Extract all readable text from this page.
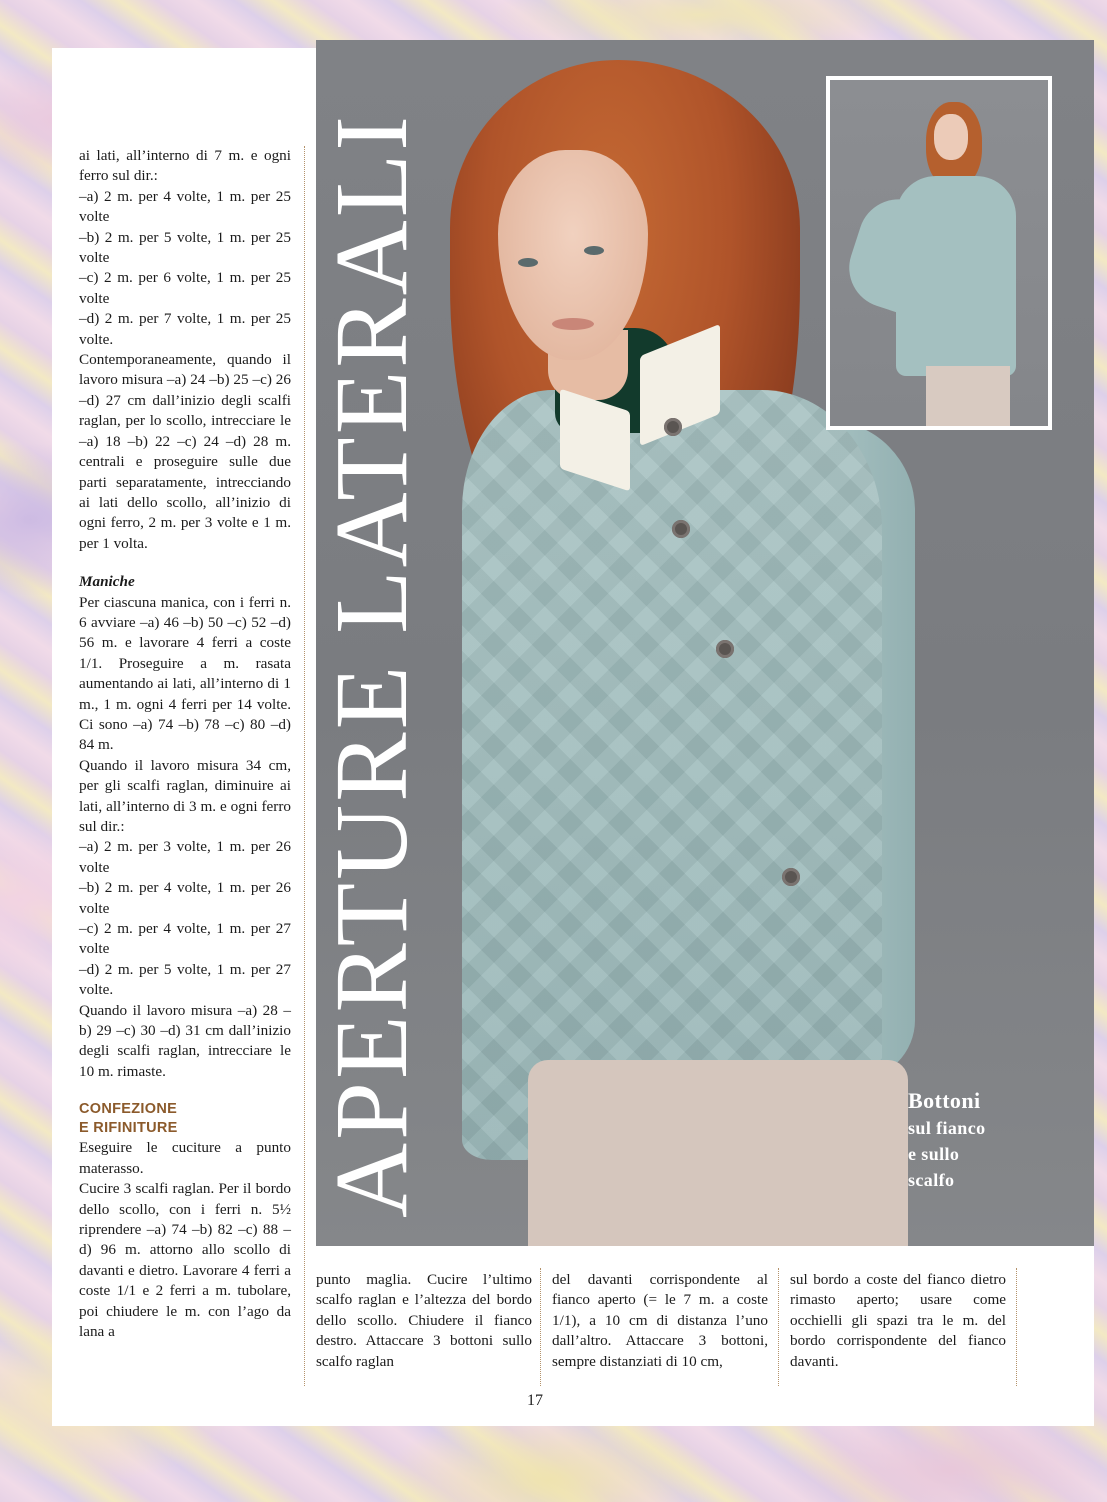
APERTURE LATERALI	Bottoni
sul fianco
e sullo
scalfo

ai lati, all’interno di 7 m. e ogni ferro sul dir.:

–a) 2 m. per 4 volte, 1 m. per 25 volte

–b) 2 m. per 5 volte, 1 m. per 25 volte

–c) 2 m. per 6 volte, 1 m. per 25 volte

–d) 2 m. per 7 volte, 1 m. per 25 volte.

Contemporaneamente, quando il lavoro misura –a) 24 –b) 25 –c) 26 –d) 27 cm dall’inizio degli scalfi raglan, per lo scollo, intrecciare le –a) 18 –b) 22 –c) 24 –d) 28 m. centrali e proseguire sulle due parti separatamente, intrecciando ai lati dello scollo, all’inizio di ogni ferro, 2 m. per 3 volte e 1 m. per 1 volta.

Maniche

Per ciascuna manica, con i ferri n. 6 avviare –a) 46 –b) 50 –c) 52 –d) 56 m. e lavorare 4 ferri a coste 1/1. Proseguire a m. rasata aumentando ai lati, all’interno di 1 m., 1 m. ogni 4 ferri per 14 volte. Ci sono –a) 74 –b) 78 –c) 80 –d) 84 m.

Quando il lavoro misura 34 cm, per gli scalfi raglan, diminuire ai lati, all’interno di 3 m. e ogni ferro sul dir.:

–a) 2 m. per 3 volte, 1 m. per 26 volte

–b) 2 m. per 4 volte, 1 m. per 26 volte

–c) 2 m. per 4 volte, 1 m. per 27 volte

–d) 2 m. per 5 volte, 1 m. per 27 volte.

Quando il lavoro misura –a) 28 –b) 29 –c) 30 –d) 31 cm dall’inizio degli scalfi raglan, intrecciare le 10 m. rimaste.

CONFEZIONE
E RIFINITURE

Eseguire le cuciture a punto materasso.

Cucire 3 scalfi raglan. Per il bordo dello scollo, con i ferri n. 5½ riprendere –a) 74 –b) 82 –c) 88 –d) 96 m. attorno allo scollo di davanti e dietro. Lavorare 4 ferri a coste 1/1 e 2 ferri a m. tubolare, poi chiudere le m. con l’ago da lana a

punto maglia. Cucire l’ultimo scalfo raglan e l’altezza del bordo dello scollo. Chiudere il fianco destro. Attaccare 3 bottoni sullo scalfo raglan

del davanti corrispondente al fianco aperto (= le 7 m. a coste 1/1), a 10 cm di distanza l’uno dall’altro. Attaccare 3 bottoni, sempre distanziati di 10 cm,

sul bordo a coste del fianco dietro rimasto aperto; usare come occhielli gli spazi tra le m. del bordo corrispondente del fianco davanti.

17
